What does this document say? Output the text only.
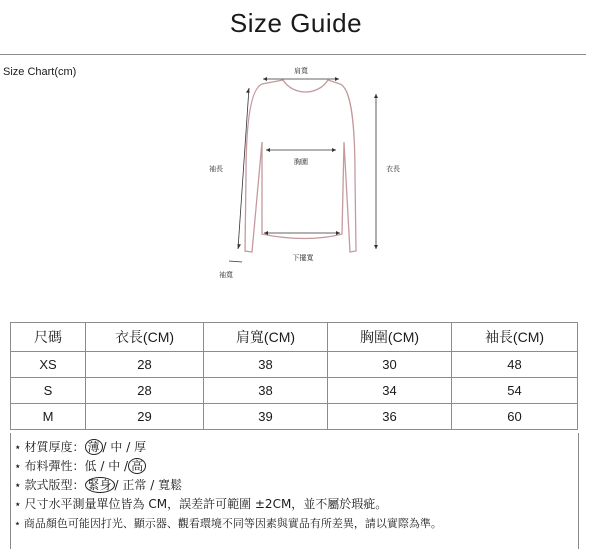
Size Guide
Size Chart(cm)	肩寬
胸圍
下擺寬
袖長	衣長
袖寬
尺碼	衣長(CM)	肩寬(CM)	胸圍(CM)	袖長(CM)
XS	28	38	30	48
S	28	38	34	54
M	29	39	36	60
⋆ 材質厚度： 薄 / 中 / 厚
⋆ 布料彈性：低 / 中 / 高
⋆ 款式版型： 緊身 / 正常 / 寬鬆
⋆ 尺寸水平測量單位皆為 CM，誤差許可範圍 ±2CM，並不屬於瑕疵。
⋆ 商品顏色可能因打光、顯示器、觀看環境不同等因素與實品有所差異，請以實際為準。
